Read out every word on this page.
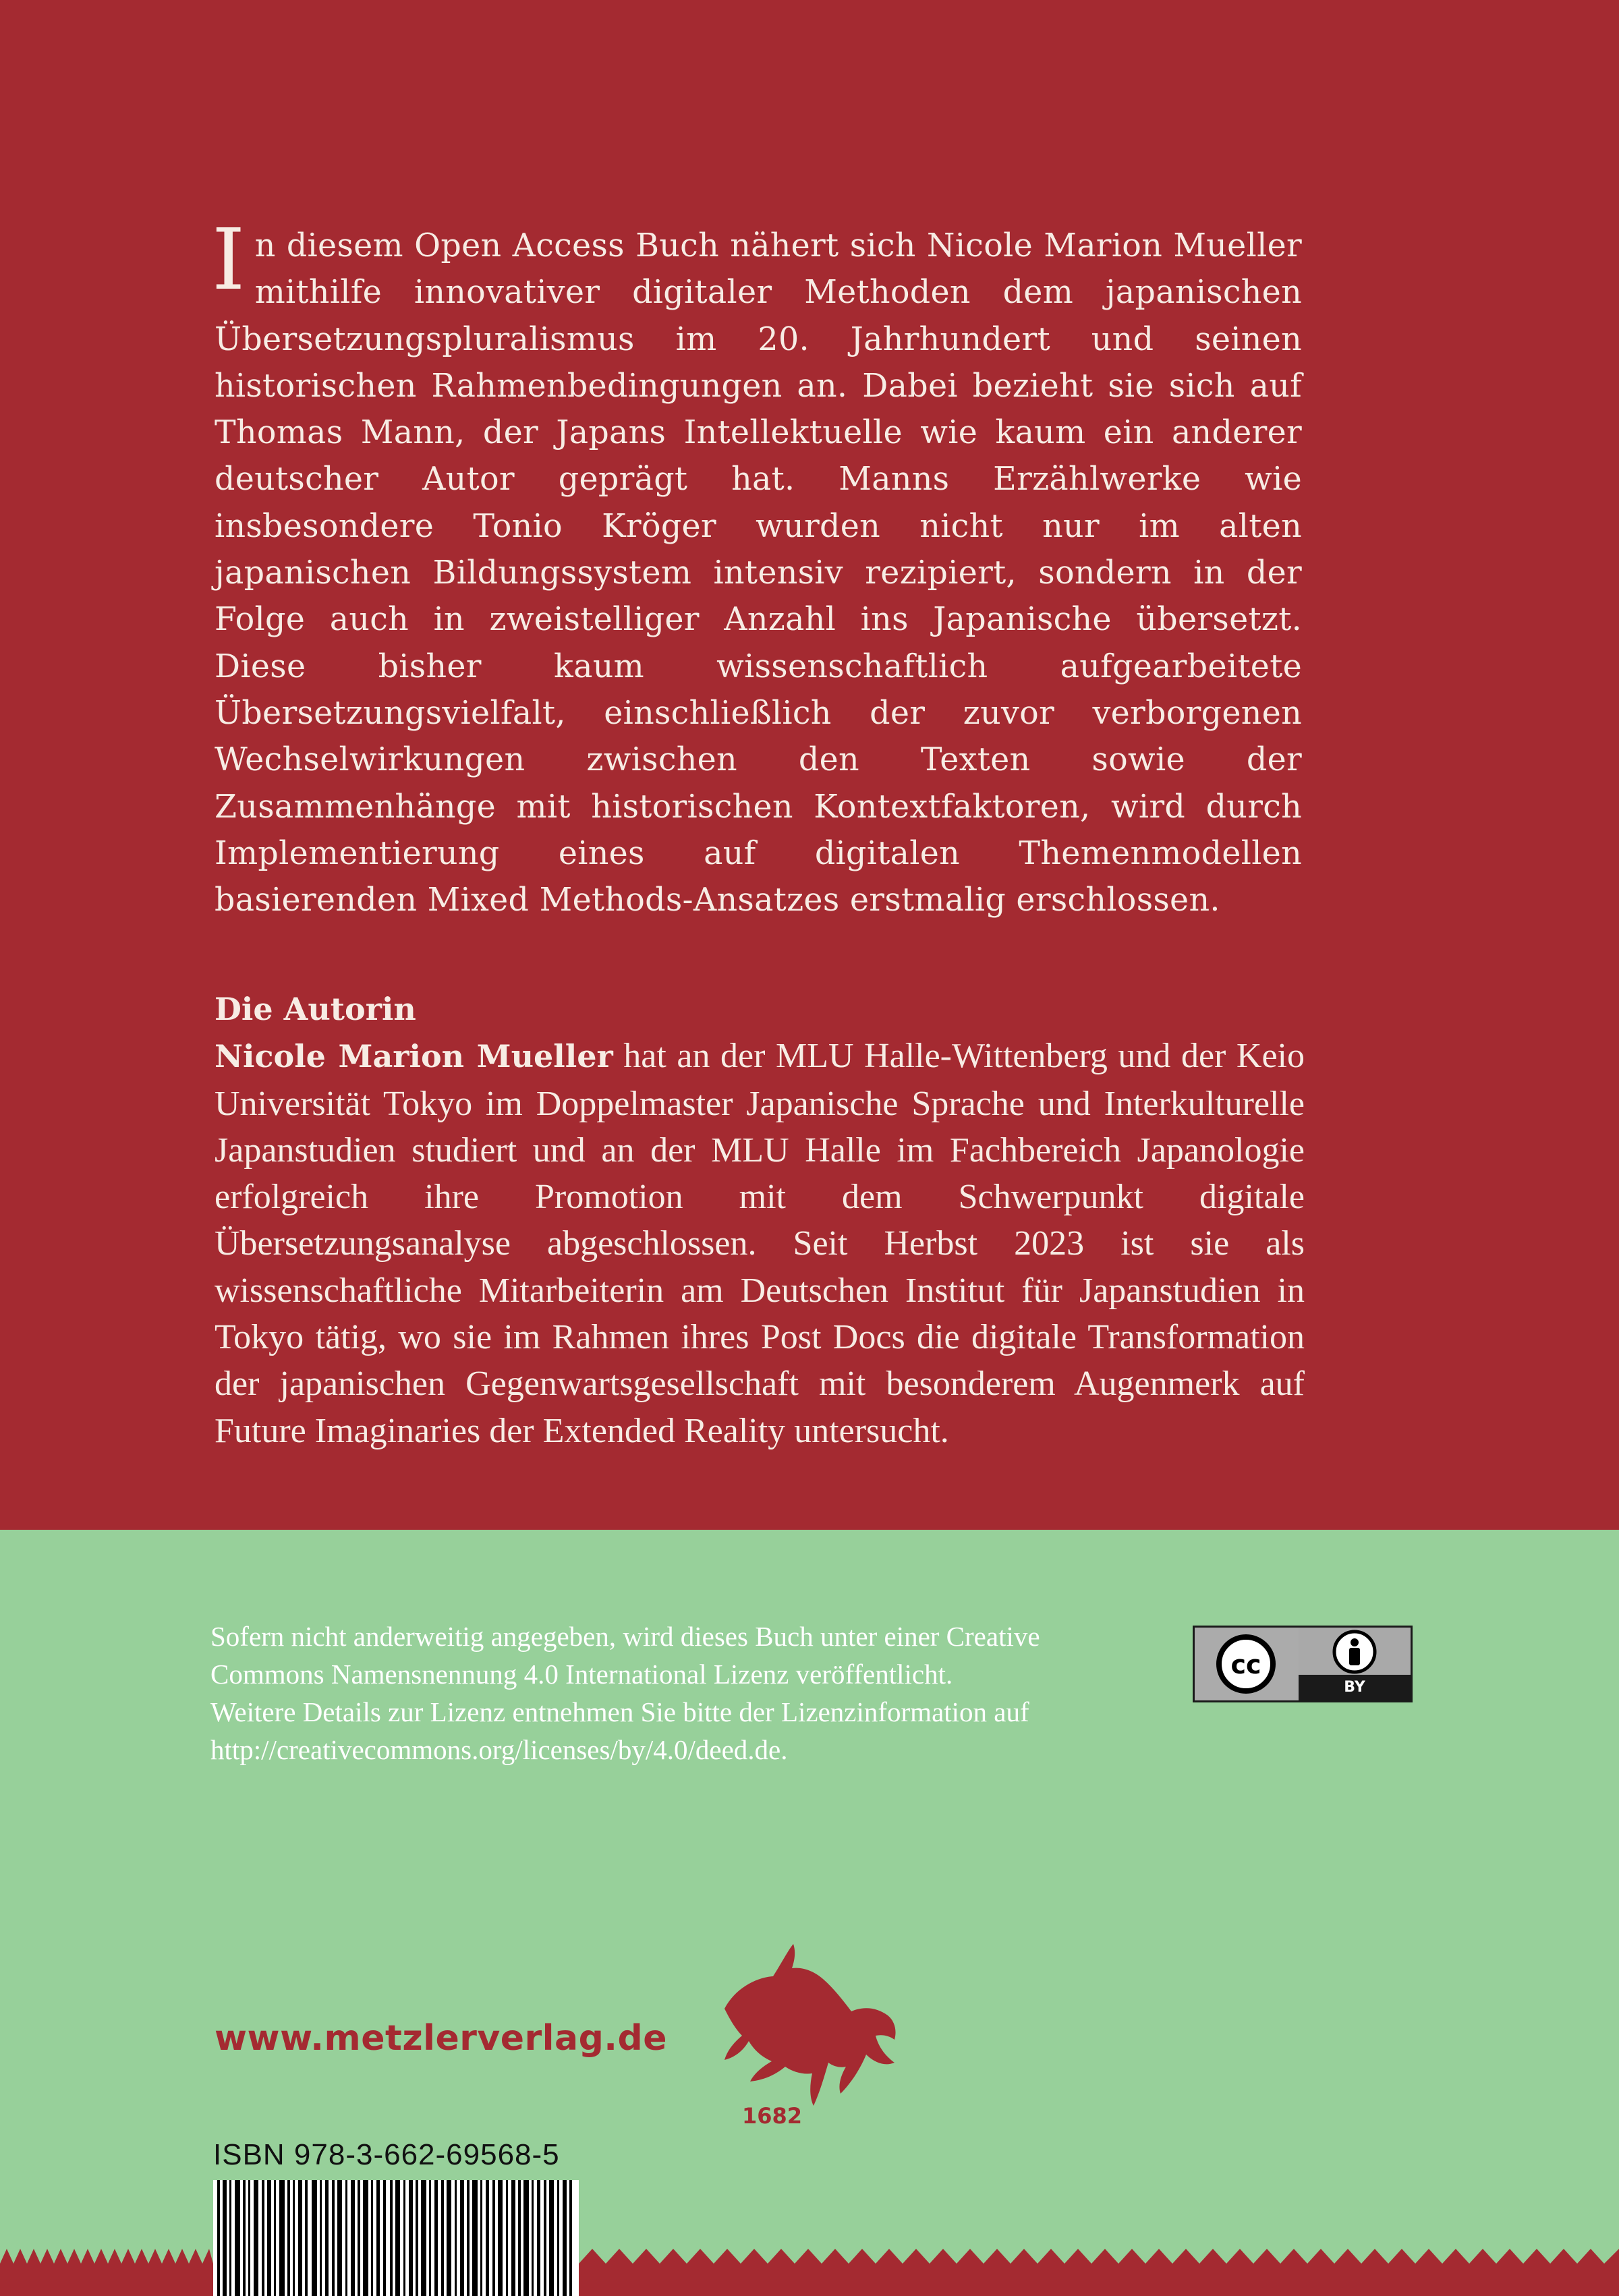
I n diesem Open Access Buch nähert sich Nicole Marion Mueller mithilfe innovativer digitaler Methoden dem japanischen Übersetzungspluralismus im 20. Jahrhundert und seinen historischen Rahmenbedingungen an. Dabei bezieht sie sich auf Thomas Mann, der Japans Intellektuelle wie kaum ein anderer deutscher Autor geprägt hat. Manns Erzählwerke wie insbesondere Tonio Kröger wurden nicht nur im alten japanischen Bildungssystem intensiv rezipiert, sondern in der Folge auch in zweistelliger Anzahl ins Japanische übersetzt. Diese bisher kaum wissenschaftlich aufgearbeitete Übersetzungsvielfalt, einschließlich der zuvor verborgenen Wechselwirkungen zwischen den Texten sowie der Zusammenhänge mit historischen Kontextfaktoren, wird durch Implementierung eines auf digitalen Themenmodellen basierenden Mixed Methods-Ansatzes erstmalig erschlossen.
Die Autorin
Nicole Marion Mueller hat an der MLU Halle-Wittenberg und der Keio Universität Tokyo im Doppelmaster Japanische Sprache und Interkulturelle Japanstudien studiert und an der MLU Halle im Fachbereich Japanologie erfolgreich ihre Promotion mit dem Schwerpunkt digitale Übersetzungsanalyse abgeschlossen. Seit Herbst 2023 ist sie als wissenschaftliche Mitarbeiterin am Deutschen Institut für Japanstudien in Tokyo tätig, wo sie im Rahmen ihres Post Docs die digitale Transformation der japanischen Gegenwartsgesellschaft mit besonderem Augenmerk auf Future Imaginaries der Extended Reality untersucht.

Sofern nicht anderweitig angegeben, wird dieses Buch unter einer Creative

Commons Namensnennung 4.0 International Lizenz veröffentlicht.

Weitere Details zur Lizenz entnehmen Sie bitte der Lizenzinformation auf

http://creativecommons.org/licenses/by/4.0/deed.de.

cc
BY
www.metzlerverlag.de
1682
ISBN 978-3-662-69568-5
